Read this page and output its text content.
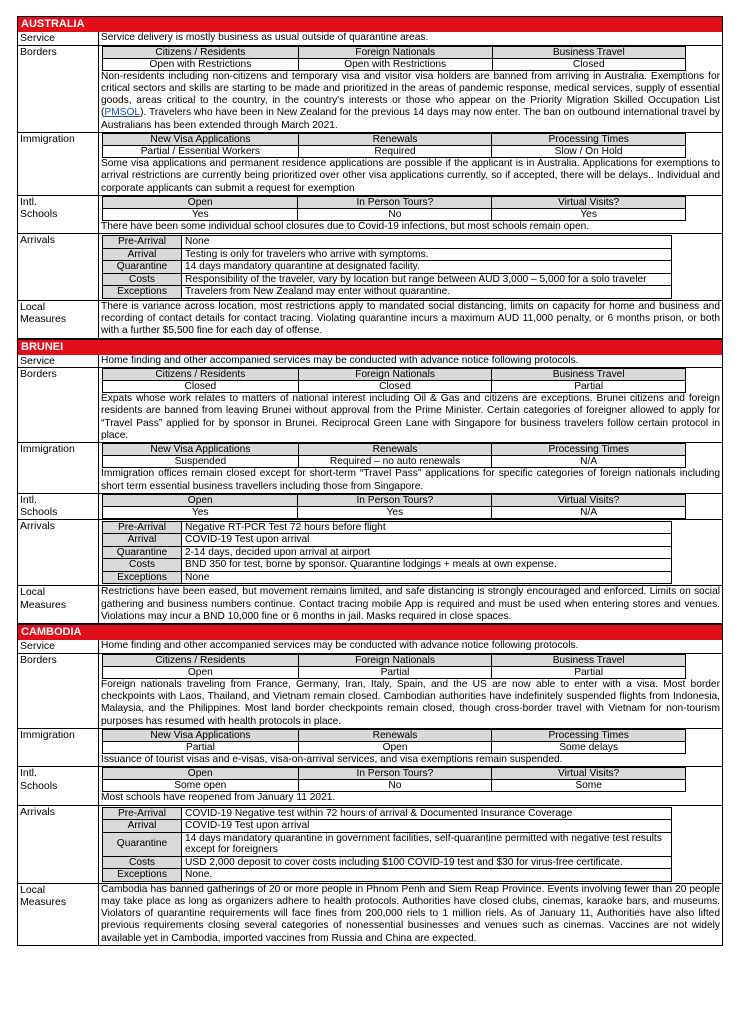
AUSTRALIA
Service	Service delivery is mostly business as usual outside of quarantine areas.
Borders	Citizens / Residents	Foreign Nationals	Business Travel
Open with Restrictions	Open with Restrictions	Closed

Non-residents including non-citizens and temporary visa and visitor visa holders are banned from arriving in Australia. Exemptions for critical sectors and skills are starting to be made and prioritized in the areas of pandemic response, medical services, supply of essential goods, areas critical to the country, in the country's interests or those who appear on the Priority Migration Skilled Occupation List (PMSOL). Travelers who have been in New Zealand for the previous 14 days may now enter. The ban on outbound international travel by Australians has been extended through March 2021.

Immigration	New Visa Applications	Renewals	Processing Times
Partial / Essential Workers	Required	Slow / On Hold

Some visa applications and permanent residence applications are possible if the applicant is in Australia. Applications for exemptions to arrival restrictions are currently being prioritized over other visa applications currently, so if accepted, there will be delays.. Individual and corporate applicants can submit a request for exemption

Intl.
Schools
Open	In Person Tours?	Virtual Visits?
Yes	No	Yes

There have been some individual school closures due to Covid-19 infections, but most schools remain open.

Arrivals	Pre-Arrival	None
Arrival	Testing is only for travelers who arrive with symptoms.
Quarantine	14 days mandatory quarantine at designated facility.
Costs	Responsibility of the traveler, vary by location but range between AUD 3,000 – 5,000 for a solo traveler
Exceptions	Travelers from New Zealand may enter without quarantine.
Local
Measures
There is variance across location, most restrictions apply to mandated social distancing, limits on capacity for home and business and recording of contact details for contact tracing. Violating quarantine incurs a maximum AUD 11,000 penalty, or 6 months prison, or both with a further $5,500 fine for each day of offense.
BRUNEI
Service	Home finding and other accompanied services may be conducted with advance notice following protocols.
Borders	Citizens / Residents	Foreign Nationals	Business Travel
Closed	Closed	Partial

Expats whose work relates to matters of national interest including Oil & Gas and citizens are exceptions. Brunei citizens and foreign residents are banned from leaving Brunei without approval from the Prime Minister. Certain categories of foreigner allowed to apply for “Travel Pass” applied for by sponsor in Brunei. Reciprocal Green Lane with Singapore for business travelers follow certain protocol in place.

Immigration	New Visa Applications	Renewals	Processing Times
Suspended	Required – no auto renewals	N/A

Immigration offices remain closed except for short-term “Travel Pass” applications for specific categories of foreign nationals including short term essential business travellers including those from Singapore.

Intl.
Schools
Open	In Person Tours?	Virtual Visits?
Yes	Yes	N/A
Arrivals	Pre-Arrival	Negative RT-PCR Test 72 hours before flight
Arrival	COVID-19 Test upon arrival
Quarantine	2-14 days, decided upon arrival at airport
Costs	BND 350 for test, borne by sponsor. Quarantine lodgings + meals at own expense.
Exceptions	None
Local
Measures
Restrictions have been eased, but movement remains limited, and safe distancing is strongly encouraged and enforced. Limits on social gathering and business numbers continue. Contact tracing mobile App is required and must be used when entering stores and venues. Violations may incur a BND 10,000 fine or 6 months in jail. Masks required in close spaces.
CAMBODIA
Service	Home finding and other accompanied services may be conducted with advance notice following protocols.
Borders	Citizens / Residents	Foreign Nationals	Business Travel
Open	Partial	Partial

Foreign nationals traveling from France, Germany, Iran, Italy, Spain, and the US are now able to enter with a visa. Most border checkpoints with Laos, Thailand, and Vietnam remain closed. Cambodian authorities have indefinitely suspended flights from Indonesia, Malaysia, and the Philippines. Most land border checkpoints remain closed, though cross-border travel with Vietnam for non-tourism purposes has resumed with health protocols in place.

Immigration	New Visa Applications	Renewals	Processing Times
Partial	Open	Some delays

Issuance of tourist visas and e-visas, visa-on-arrival services, and visa exemptions remain suspended.

Intl.
Schools
Open	In Person Tours?	Virtual Visits?
Some open	No	Some

Most schools have reopened from January 11 2021.

Arrivals	Pre-Arrival	COVID-19 Negative test within 72 hours of arrival & Documented Insurance Coverage
Arrival	COVID-19 Test upon arrival
Quarantine	14 days mandatory quarantine in government facilities, self-quarantine permitted with negative test results except for foreigners
Costs	USD 2,000 deposit to cover costs including $100 COVID-19 test and $30 for virus-free certificate.
Exceptions	None.
Local
Measures
Cambodia has banned gatherings of 20 or more people in Phnom Penh and Siem Reap Province. Events involving fewer than 20 people may take place as long as organizers adhere to health protocols. Authorities have closed clubs, cinemas, karaoke bars, and museums. Violators of quarantine requirements will face fines from 200,000 riels to 1 million riels. As of January 11, Authorities have also lifted previous requirements closing several categories of nonessential businesses and venues such as cinemas. Vaccines are not widely available yet in Cambodia, imported vaccines from Russia and China are expected.
